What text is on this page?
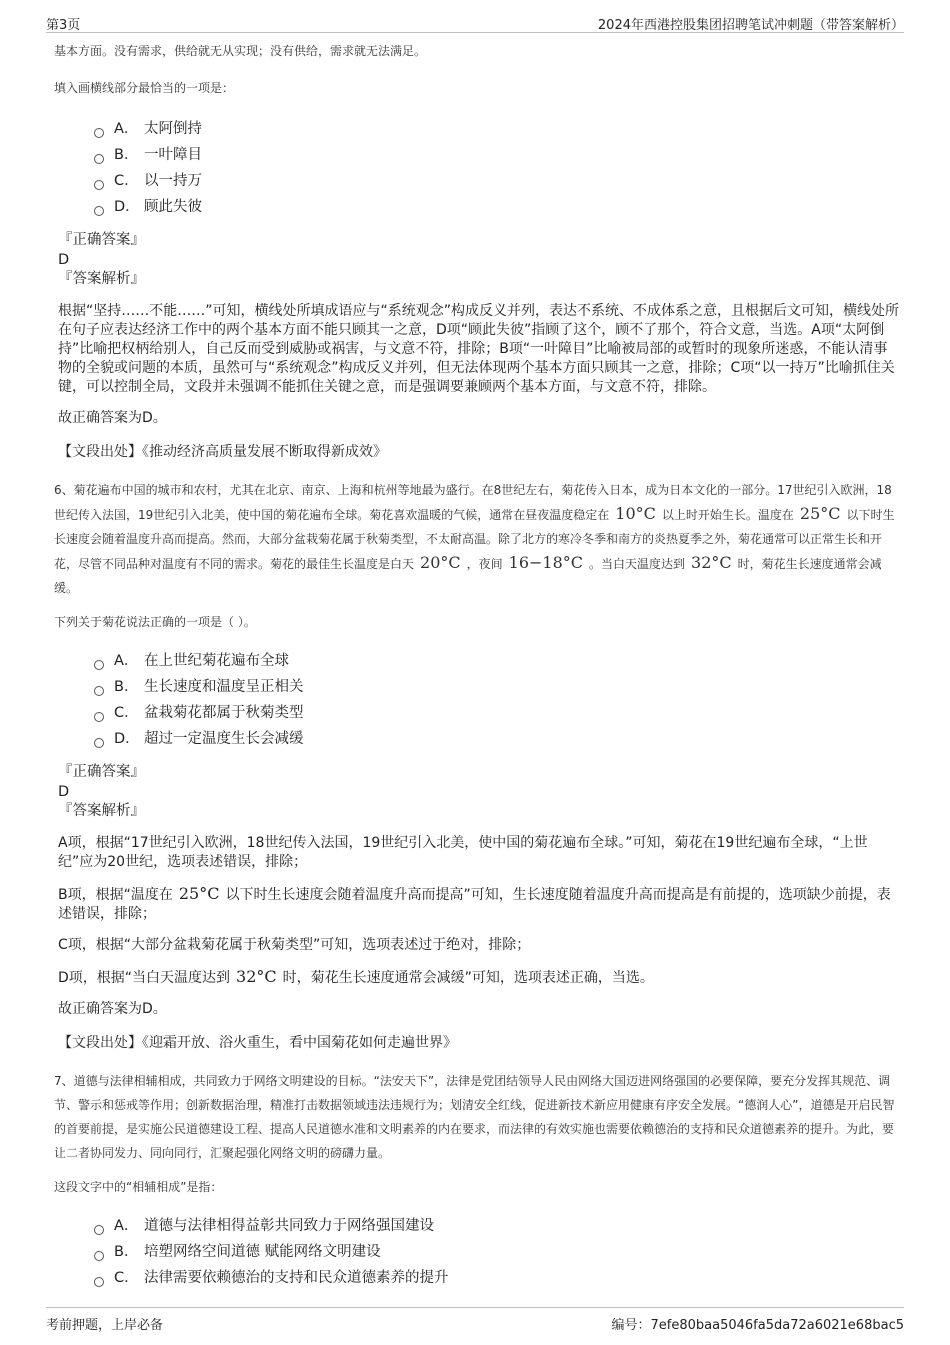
第3页	2024年西港控股集团招聘笔试冲刺题（带答案解析）

基本方面。没有需求，供给就无从实现；没有供给，需求就无法满足。

填入画横线部分最恰当的一项是：

A． 太阿倒持
B． 一叶障目
C． 以一持万
D． 顾此失彼

『正确答案』

D

『答案解析』

根据“坚持……不能……”可知，横线处所填成语应与“系统观念”构成反义并列，表达不系统、不成体系之意，且根据后文可知，横线处所在句子应表达经济工作中的两个基本方面不能只顾其一之意，D项“顾此失彼”指顾了这个，顾不了那个，符合文意，当选。A项“太阿倒持”比喻把权柄给别人，自己反而受到威胁或祸害，与文意不符，排除；B项“一叶障目”比喻被局部的或暂时的现象所迷惑，不能认清事物的全貌或问题的本质，虽然可与“系统观念”构成反义并列，但无法体现两个基本方面只顾其一之意，排除；C项“以一持万”比喻抓住关键，可以控制全局，文段并未强调不能抓住关键之意，而是强调要兼顾两个基本方面，与文意不符，排除。

故正确答案为D。

【文段出处】《推动经济高质量发展不断取得新成效》

6、菊花遍布中国的城市和农村，尤其在北京、南京、上海和杭州等地最为盛行。在8世纪左右，菊花传入日本，成为日本文化的一部分。17世纪引入欧洲，18世纪传入法国，19世纪引入北美，使中国的菊花遍布全球。菊花喜欢温暖的气候，通常在昼夜温度稳定在 10°C 以上时开始生长。温度在 25°C 以下时生长速度会随着温度升高而提高。然而，大部分盆栽菊花属于秋菊类型，不太耐高温。除了北方的寒冷冬季和南方的炎热夏季之外，菊花通常可以正常生长和开花，尽管不同品种对温度有不同的需求。菊花的最佳生长温度是白天 20°C ，夜间 16−18°C 。当白天温度达到 32°C 时，菊花生长速度通常会减缓。

下列关于菊花说法正确的一项是（ ）。

A． 在上世纪菊花遍布全球
B． 生长速度和温度呈正相关
C． 盆栽菊花都属于秋菊类型
D． 超过一定温度生长会减缓

『正确答案』

D

『答案解析』

A项，根据“17世纪引入欧洲，18世纪传入法国，19世纪引入北美，使中国的菊花遍布全球。”可知，菊花在19世纪遍布全球，“上世纪”应为20世纪，选项表述错误，排除；

B项，根据“温度在 25°C 以下时生长速度会随着温度升高而提高”可知，生长速度随着温度升高而提高是有前提的，选项缺少前提，表述错误，排除；

C项，根据“大部分盆栽菊花属于秋菊类型”可知，选项表述过于绝对，排除；

D项，根据“当白天温度达到 32°C 时，菊花生长速度通常会减缓”可知，选项表述正确，当选。

故正确答案为D。

【文段出处】《迎霜开放、浴火重生，看中国菊花如何走遍世界》

7、道德与法律相辅相成，共同致力于网络文明建设的目标。“法安天下”，法律是党团结领导人民由网络大国迈进网络强国的必要保障，要充分发挥其规范、调节、警示和惩戒等作用；创新数据治理，精准打击数据领域违法违规行为；划清安全红线，促进新技术新应用健康有序安全发展。“德润人心”，道德是开启民智的首要前提，是实施公民道德建设工程、提高人民道德水准和文明素养的内在要求，而法律的有效实施也需要依赖德治的支持和民众道德素养的提升。为此，要让二者协同发力、同向同行，汇聚起强化网络文明的磅礴力量。

这段文字中的“相辅相成”是指：

A． 道德与法律相得益彰共同致力于网络强国建设
B． 培塑网络空间道德 赋能网络文明建设
C． 法律需要依赖德治的支持和民众道德素养的提升
考前押题，上岸必备	编号：7efe80baa5046fa5da72a6021e68bac5
